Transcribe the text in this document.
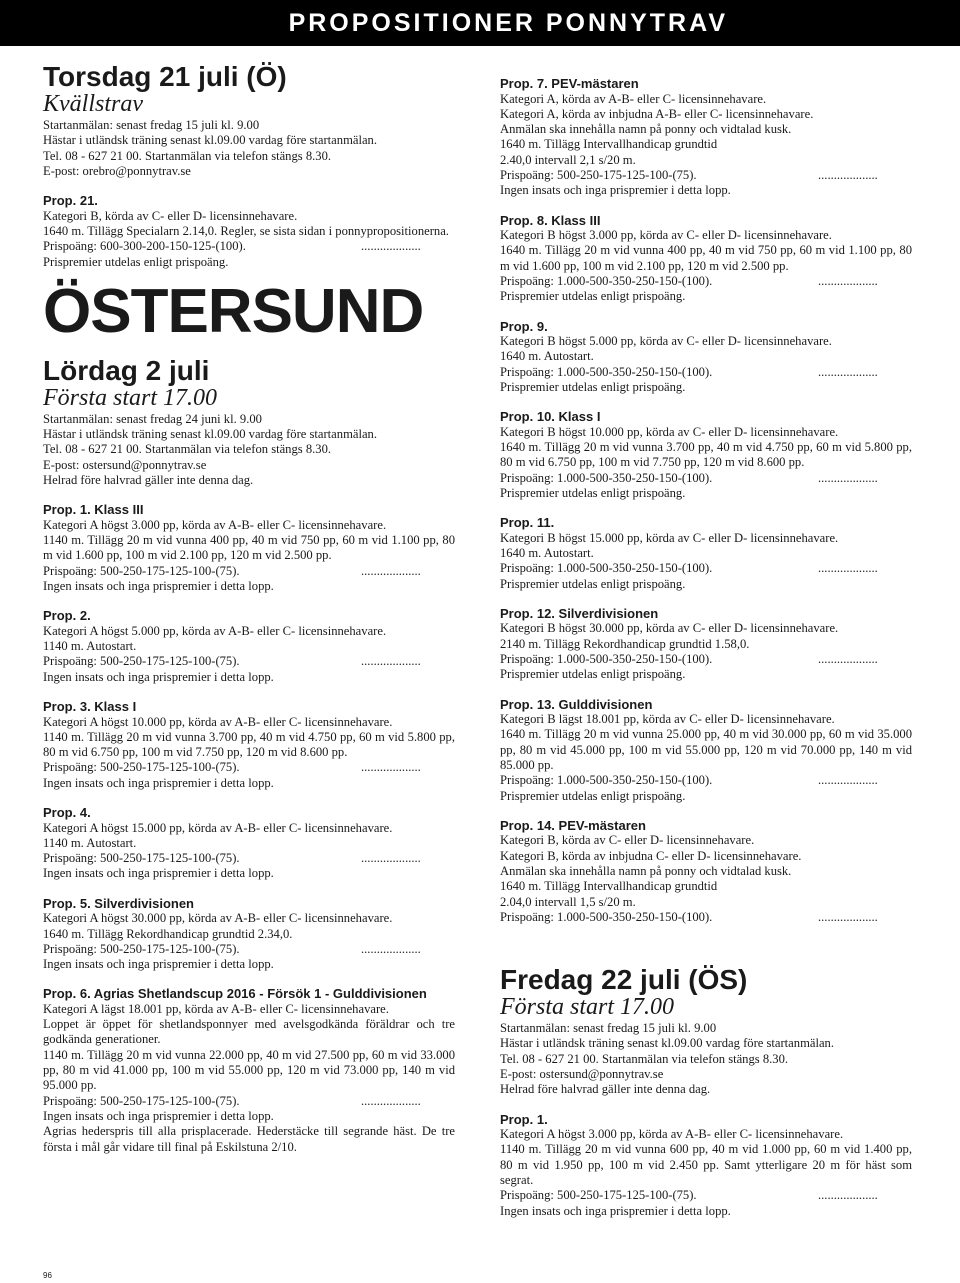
PROPOSITIONER PONNYTRAV
Torsdag 21 juli (Ö)
Kvällstrav
Startanmälan: senast fredag 15 juli kl. 9.00
Hästar i utländsk träning senast kl.09.00 vardag före startanmälan.
Tel. 08 - 627 21 00. Startanmälan via telefon stängs 8.30.
E-post: orebro@ponnytrav.se
Prop. 21.
Kategori B, körda av C- eller D- licensinnehavare.
1640 m. Tillägg Specialarn 2.14,0. Regler, se sista sidan i ponnypropositionerna.
Prispoäng: 600-300-200-150-125-(100).	...................
Prispremier utdelas enligt prispoäng.
ÖSTERSUND
Lördag 2 juli
Första start 17.00
Startanmälan: senast fredag 24 juni kl. 9.00
Hästar i utländsk träning senast kl.09.00 vardag före startanmälan.
Tel. 08 - 627 21 00. Startanmälan via telefon stängs 8.30.
E-post: ostersund@ponnytrav.se
Helrad före halvrad gäller inte denna dag.
Prop. 1. Klass III
Kategori A högst 3.000 pp, körda av A-B- eller C- licensinnehavare.
1140 m. Tillägg 20 m vid vunna 400 pp, 40 m vid 750 pp, 60 m vid 1.100 pp, 80 m vid 1.600 pp, 100 m vid 2.100 pp, 120 m vid 2.500 pp.
Prispoäng: 500-250-175-125-100-(75).	...................
Ingen insats och inga prispremier i detta lopp.
Prop. 2.
Kategori A högst 5.000 pp, körda av A-B- eller C- licensinnehavare.
1140 m. Autostart.
Prispoäng: 500-250-175-125-100-(75).	...................
Ingen insats och inga prispremier i detta lopp.
Prop. 3. Klass I
Kategori A högst 10.000 pp, körda av A-B- eller C- licensinnehavare.
1140 m. Tillägg 20 m vid vunna 3.700 pp, 40 m vid 4.750 pp, 60 m vid 5.800 pp, 80 m vid 6.750 pp, 100 m vid 7.750 pp, 120 m vid 8.600 pp.
Prispoäng: 500-250-175-125-100-(75).	...................
Ingen insats och inga prispremier i detta lopp.
Prop. 4.
Kategori A högst 15.000 pp, körda av A-B- eller C- licensinnehavare.
1140 m. Autostart.
Prispoäng: 500-250-175-125-100-(75).	...................
Ingen insats och inga prispremier i detta lopp.
Prop. 5. Silverdivisionen
Kategori A högst 30.000 pp, körda av A-B- eller C- licensinnehavare.
1640 m. Tillägg Rekordhandicap grundtid 2.34,0.
Prispoäng: 500-250-175-125-100-(75).	...................
Ingen insats och inga prispremier i detta lopp.
Prop. 6. Agrias Shetlandscup 2016 - Försök 1 - Gulddivisionen
Kategori A lägst 18.001 pp, körda av A-B- eller C- licensinnehavare.
Loppet är öppet för shetlandsponnyer med avelsgodkända föräldrar och tre godkända generationer.
1140 m. Tillägg 20 m vid vunna 22.000 pp, 40 m vid 27.500 pp, 60 m vid 33.000 pp, 80 m vid 41.000 pp, 100 m vid 55.000 pp, 120 m vid 73.000 pp, 140 m vid 95.000 pp.
Prispoäng: 500-250-175-125-100-(75).	...................
Ingen insats och inga prispremier i detta lopp.
Agrias hederspris till alla prisplacerade. Hederstäcke till segrande häst. De tre första i mål går vidare till final på Eskilstuna 2/10.
Prop. 7. PEV-mästaren
Kategori A, körda av A-B- eller C- licensinnehavare.
Kategori A, körda av inbjudna A-B- eller C- licensinnehavare.
Anmälan ska innehålla namn på ponny och vidtalad kusk.
1640 m. Tillägg Intervallhandicap grundtid
2.40,0 intervall 2,1 s/20 m.
Prispoäng: 500-250-175-125-100-(75).	...................
Ingen insats och inga prispremier i detta lopp.
Prop. 8. Klass III
Kategori B högst 3.000 pp, körda av C- eller D- licensinnehavare.
1640 m. Tillägg 20 m vid vunna 400 pp, 40 m vid 750 pp, 60 m vid 1.100 pp, 80 m vid 1.600 pp, 100 m vid 2.100 pp, 120 m vid 2.500 pp.
Prispoäng: 1.000-500-350-250-150-(100).	...................
Prispremier utdelas enligt prispoäng.
Prop. 9.
Kategori B högst 5.000 pp, körda av C- eller D- licensinnehavare.
1640 m. Autostart.
Prispoäng: 1.000-500-350-250-150-(100).	...................
Prispremier utdelas enligt prispoäng.
Prop. 10. Klass I
Kategori B högst 10.000 pp, körda av C- eller D- licensinnehavare.
1640 m. Tillägg 20 m vid vunna 3.700 pp, 40 m vid 4.750 pp, 60 m vid 5.800 pp, 80 m vid 6.750 pp, 100 m vid 7.750 pp, 120 m vid 8.600 pp.
Prispoäng: 1.000-500-350-250-150-(100).	...................
Prispremier utdelas enligt prispoäng.
Prop. 11.
Kategori B högst 15.000 pp, körda av C- eller D- licensinnehavare.
1640 m. Autostart.
Prispoäng: 1.000-500-350-250-150-(100).	...................
Prispremier utdelas enligt prispoäng.
Prop. 12. Silverdivisionen
Kategori B högst 30.000 pp, körda av C- eller D- licensinnehavare.
2140 m. Tillägg Rekordhandicap grundtid 1.58,0.
Prispoäng: 1.000-500-350-250-150-(100).	...................
Prispremier utdelas enligt prispoäng.
Prop. 13. Gulddivisionen
Kategori B lägst 18.001 pp, körda av C- eller D- licensinnehavare.
1640 m. Tillägg 20 m vid vunna 25.000 pp, 40 m vid 30.000 pp, 60 m vid 35.000 pp, 80 m vid 45.000 pp, 100 m vid 55.000 pp, 120 m vid 70.000 pp, 140 m vid 85.000 pp.
Prispoäng: 1.000-500-350-250-150-(100).	...................
Prispremier utdelas enligt prispoäng.
Prop. 14. PEV-mästaren
Kategori B, körda av C- eller D- licensinnehavare.
Kategori B, körda av inbjudna C- eller D- licensinnehavare.
Anmälan ska innehålla namn på ponny och vidtalad kusk.
1640 m. Tillägg Intervallhandicap grundtid
2.04,0 intervall 1,5 s/20 m.
Prispoäng: 1.000-500-350-250-150-(100).	...................
Fredag 22 juli (ÖS)
Första start 17.00
Startanmälan: senast fredag 15 juli kl. 9.00
Hästar i utländsk träning senast kl.09.00 vardag före startanmälan.
Tel. 08 - 627 21 00. Startanmälan via telefon stängs 8.30.
E-post: ostersund@ponnytrav.se
Helrad före halvrad gäller inte denna dag.
Prop. 1.
Kategori A högst 3.000 pp, körda av A-B- eller C- licensinnehavare.
1140 m. Tillägg 20 m vid vunna 600 pp, 40 m vid 1.000 pp, 60 m vid 1.400 pp, 80 m vid 1.950 pp, 100 m vid 2.450 pp. Samt ytterligare 20 m för häst som segrat.
Prispoäng: 500-250-175-125-100-(75).	...................
Ingen insats och inga prispremier i detta lopp.
96
